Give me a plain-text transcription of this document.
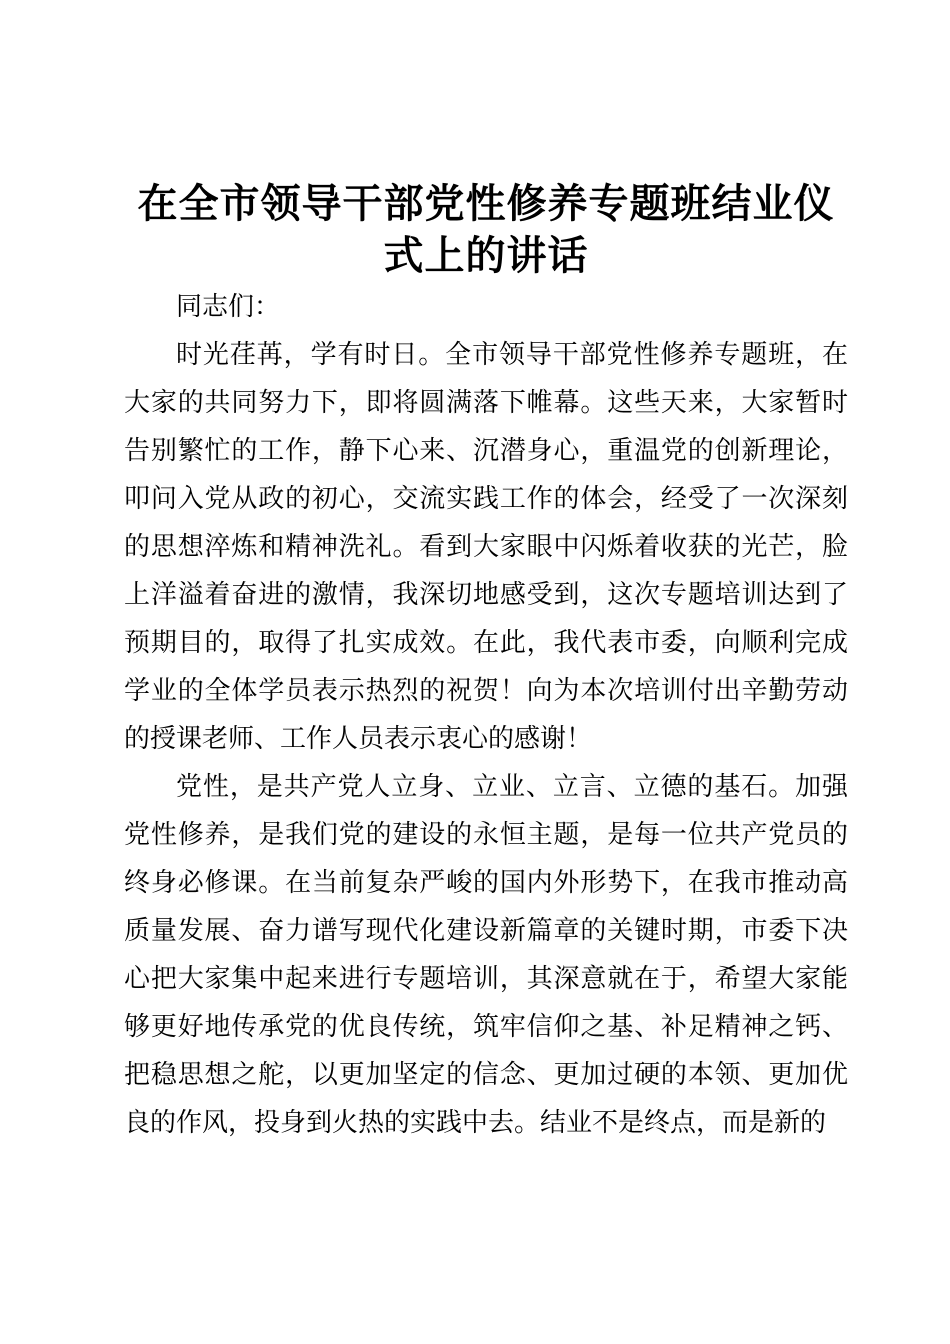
在全市领导干部党性修养专题班结业仪式上的讲话

同志们：

时光荏苒，学有时日。全市领导干部党性修养专题班，在大家的共同努力下，即将圆满落下帷幕。这些天来，大家暂时告别繁忙的工作，静下心来、沉潜身心，重温党的创新理论，叩问入党从政的初心，交流实践工作的体会，经受了一次深刻的思想淬炼和精神洗礼。看到大家眼中闪烁着收获的光芒，脸上洋溢着奋进的激情，我深切地感受到，这次专题培训达到了预期目的，取得了扎实成效。在此，我代表市委，向顺利完成学业的全体学员表示热烈的祝贺！向为本次培训付出辛勤劳动的授课老师、工作人员表示衷心的感谢！

党性，是共产党人立身、立业、立言、立德的基石。加强党性修养，是我们党的建设的永恒主题，是每一位共产党员的终身必修课。在当前复杂严峻的国内外形势下，在我市推动高质量发展、奋力谱写现代化建设新篇章的关键时期，市委下决心把大家集中起来进行专题培训，其深意就在于，希望大家能够更好地传承党的优良传统，筑牢信仰之基、补足精神之钙、把稳思想之舵，以更加坚定的信念、更加过硬的本领、更加优良的作风，投身到火热的实践中去。结业不是终点，而是新的
